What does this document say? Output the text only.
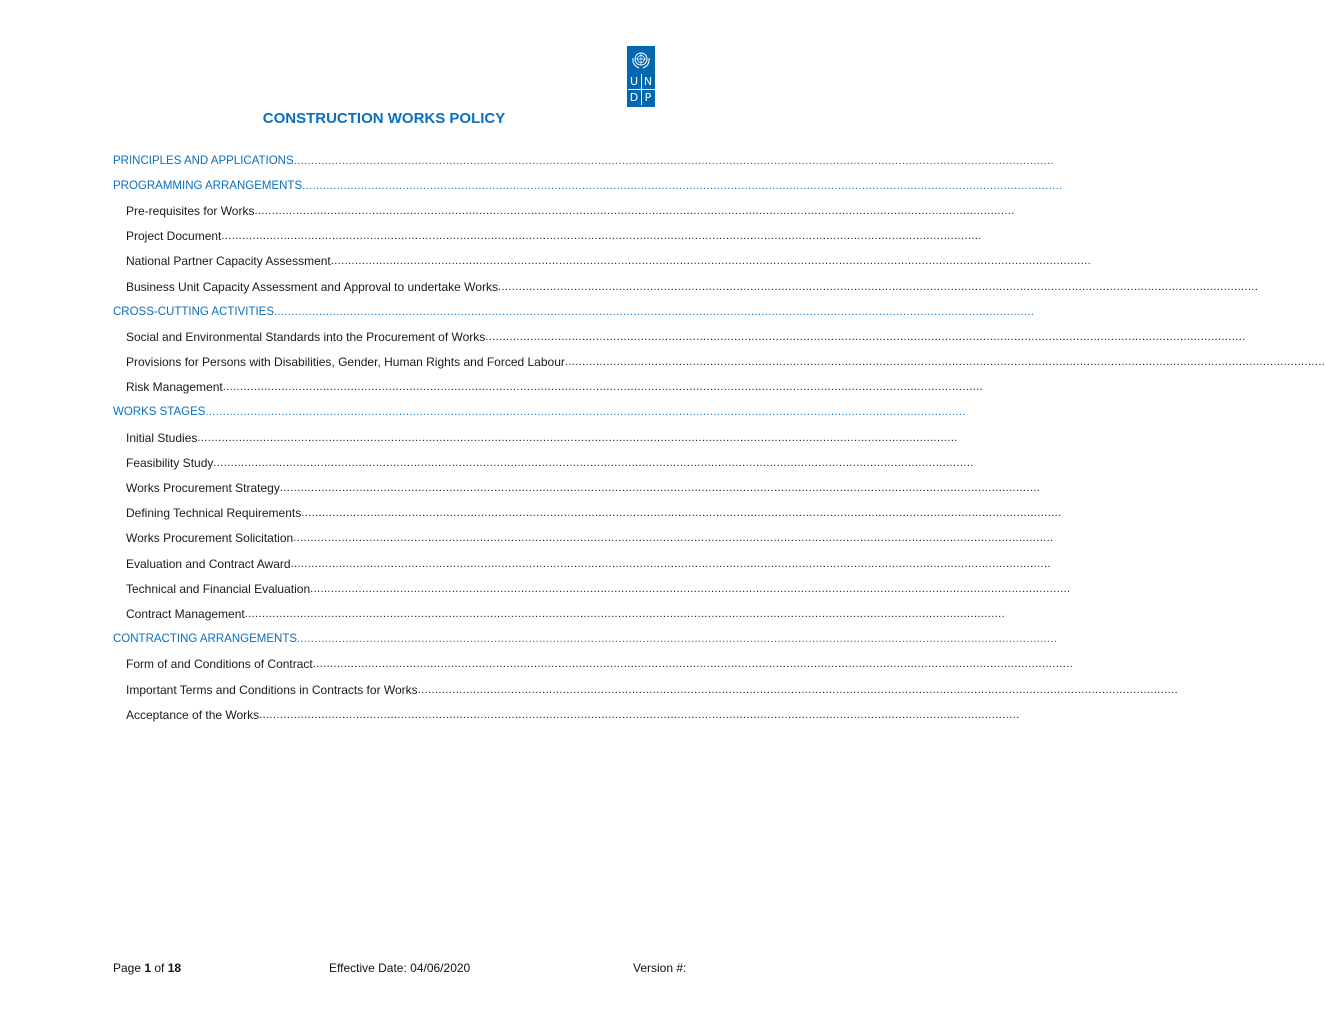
U N
D P
CONSTRUCTION WORKS POLICY
PRINCIPLES AND APPLICATIONS ............................................................................................................................................................................................................................
PROGRAMMING ARRANGEMENTS ............................................................................................................................................................................................................................
Pre-requisites for Works ............................................................................................................................................................................................................................
Project Document ............................................................................................................................................................................................................................
National Partner Capacity Assessment ............................................................................................................................................................................................................................
Business Unit Capacity Assessment and Approval to undertake Works ............................................................................................................................................................................................................................
CROSS-CUTTING ACTIVITIES ............................................................................................................................................................................................................................
Social and Environmental Standards into the Procurement of Works ............................................................................................................................................................................................................................
Provisions for Persons with Disabilities, Gender, Human Rights and Forced Labour ............................................................................................................................................................................................................................
Risk Management ............................................................................................................................................................................................................................
WORKS STAGES ............................................................................................................................................................................................................................
Initial Studies ............................................................................................................................................................................................................................
Feasibility Study ............................................................................................................................................................................................................................
Works Procurement Strategy ............................................................................................................................................................................................................................
Defining Technical Requirements ............................................................................................................................................................................................................................
Works Procurement Solicitation ............................................................................................................................................................................................................................
Evaluation and Contract Award ............................................................................................................................................................................................................................
Technical and Financial Evaluation ............................................................................................................................................................................................................................
Contract Management ............................................................................................................................................................................................................................
CONTRACTING ARRANGEMENTS ............................................................................................................................................................................................................................
Form of and Conditions of Contract ............................................................................................................................................................................................................................
Important Terms and Conditions in Contracts for Works ............................................................................................................................................................................................................................
Acceptance of the Works ............................................................................................................................................................................................................................
Page 1 of 18	Effective Date: 04/06/2020	Version #:
